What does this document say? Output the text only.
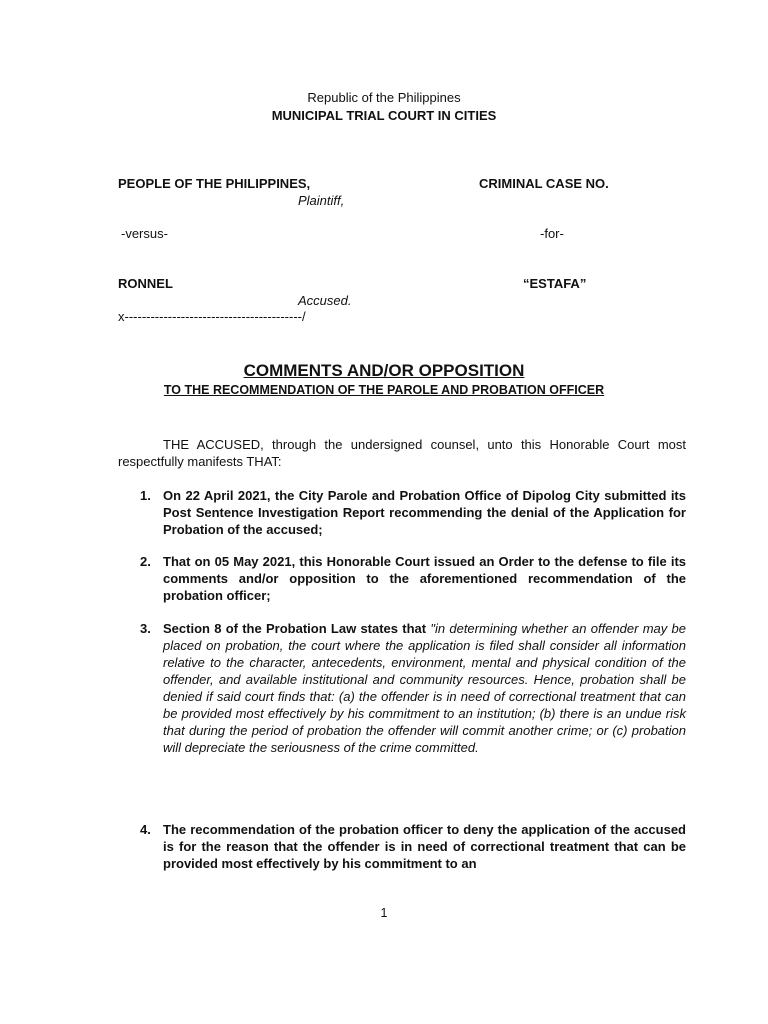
Republic of the Philippines
MUNICIPAL TRIAL COURT IN CITIES
PEOPLE OF THE PHILIPPINES,
Plaintiff,
CRIMINAL CASE NO.
-versus-	-for-
RONNEL	“ESTAFA”
Accused.
x-----------------------------------------/
COMMENTS AND/OR OPPOSITION
TO THE RECOMMENDATION OF THE PAROLE AND PROBATION OFFICER
THE ACCUSED, through the undersigned counsel, unto this Honorable Court most respectfully manifests THAT:
1. On 22 April 2021, the City Parole and Probation Office of Dipolog City submitted its Post Sentence Investigation Report recommending the denial of the Application for Probation of the accused;
2. That on 05 May 2021, this Honorable Court issued an Order to the defense to file its comments and/or opposition to the aforementioned recommendation of the probation officer;
3. Section 8 of the Probation Law states that "in determining whether an offender may be placed on probation, the court where the application is filed shall consider all information relative to the character, antecedents, environment, mental and physical condition of the offender, and available institutional and community resources. Hence, probation shall be denied if said court finds that: (a) the offender is in need of correctional treatment that can be provided most effectively by his commitment to an institution; (b) there is an undue risk that during the period of probation the offender will commit another crime; or (c) probation will depreciate the seriousness of the crime committed.
4. The recommendation of the probation officer to deny the application of the accused is for the reason that the offender is in need of correctional treatment that can be provided most effectively by his commitment to an
1
